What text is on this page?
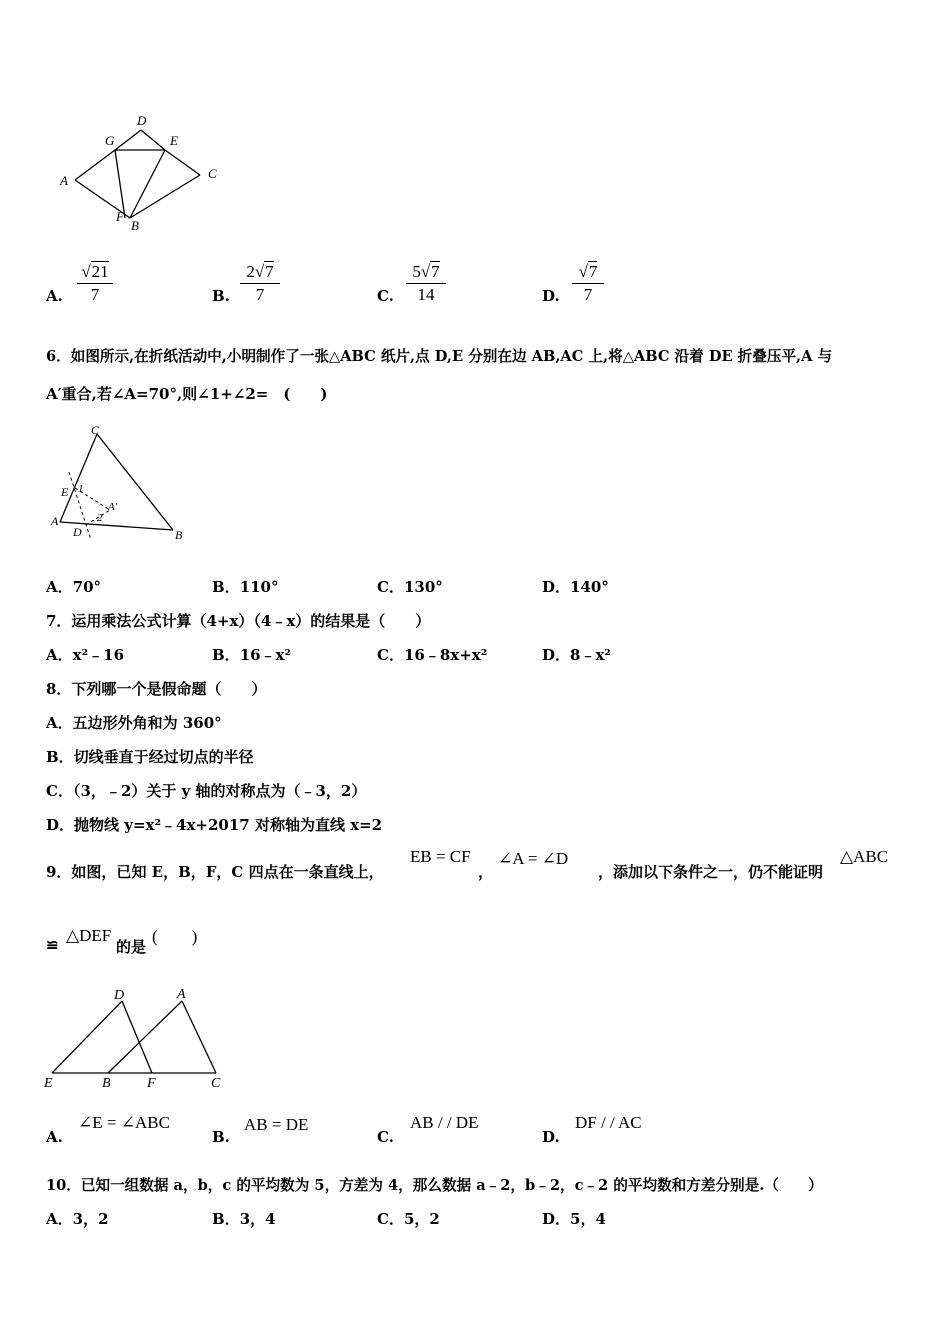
D
G	E
A	C
F
B
A.
√21
7	B.
2√7
7	C.
5√7
14	D.
√7
7
6．如图所示,在折纸活动中,小明制作了一张△ABC 纸片,点 D,E 分别在边 AB,AC 上,将△ABC 沿着 DE 折叠压平,A 与
A′重合,若∠A=70°,则∠1+∠2=　(　　)
C
E 1
A′
A	2
D	B
A．70°	B．110°	C．130°	D．140°
7．运用乘法公式计算（4+x）（4﹣x）的结果是（　　）
A．x²﹣16	B．16﹣x²	C．16﹣8x+x²	D．8﹣x²
8．下列哪一个是假命题（　　）
A．五边形外角和为 360°
B．切线垂直于经过切点的半径
C．（3，﹣2）关于 y 轴的对称点为（﹣3，2）
D．抛物线 y=x²﹣4x+2017 对称轴为直线 x=2
9．如图，已知 E，B，F，C 四点在一条直线上，
EB = CF
，
∠A = ∠D
，添加以下条件之一，仍不能证明
△ABC
≌ △DEF
的是
(　　)
D	A
E	B	F	C
A.
∠E = ∠ABC
B.
AB = DE
C.
AB / / DE
D.
DF / / AC
10．已知一组数据 a，b，c 的平均数为 5，方差为 4，那么数据 a﹣2，b﹣2，c﹣2 的平均数和方差分别是.（　　）
A．3，2	B．3，4	C．5，2	D．5，4
